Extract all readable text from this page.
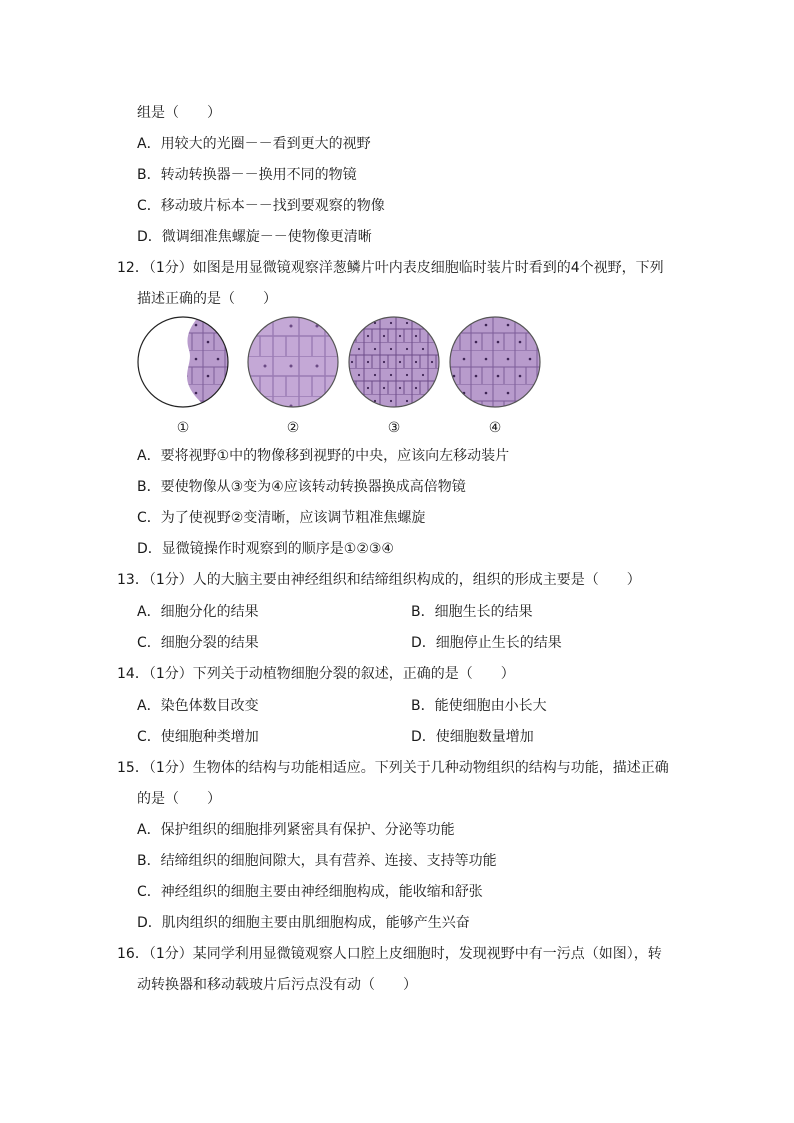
组是（　　）
A．用较大的光圈－－看到更大的视野
B．转动转换器－－换用不同的物镜
C．移动玻片标本－－找到要观察的物像
D．微调细准焦螺旋－－使物像更清晰
12．（1分）如图是用显微镜观察洋葱鳞片叶内表皮细胞临时装片时看到的4个视野，下列
描述正确的是（　　）
①	②	③	④
A．要将视野①中的物像移到视野的中央，应该向左移动装片
B．要使物像从③变为④应该转动转换器换成高倍物镜
C．为了使视野②变清晰，应该调节粗准焦螺旋
D．显微镜操作时观察到的顺序是①②③④
13．（1分）人的大脑主要由神经组织和结缔组织构成的，组织的形成主要是（　　）
A．细胞分化的结果	B．细胞生长的结果
C．细胞分裂的结果	D．细胞停止生长的结果
14．（1分）下列关于动植物细胞分裂的叙述，正确的是（　　）
A．染色体数目改变	B．能使细胞由小长大
C．使细胞种类增加	D．使细胞数量增加
15．（1分）生物体的结构与功能相适应。下列关于几种动物组织的结构与功能，描述正确
的是（　　）
A．保护组织的细胞排列紧密具有保护、分泌等功能
B．结缔组织的细胞间隙大，具有营养、连接、支持等功能
C．神经组织的细胞主要由神经细胞构成，能收缩和舒张
D．肌肉组织的细胞主要由肌细胞构成，能够产生兴奋
16．（1分）某同学利用显微镜观察人口腔上皮细胞时，发现视野中有一污点（如图），转
动转换器和移动载玻片后污点没有动（　　）
